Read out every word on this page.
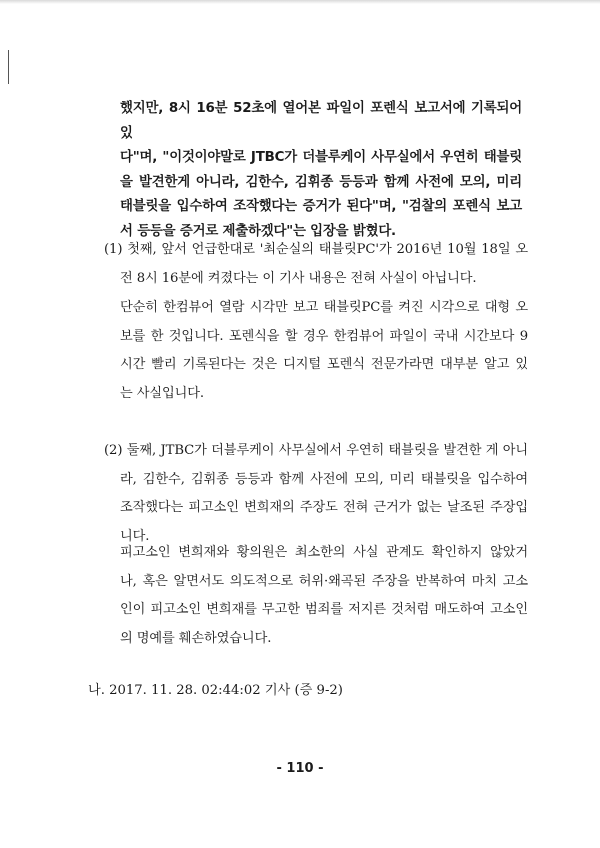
했지만, 8시 16분 52초에 열어본 파일이 포렌식 보고서에 기록되어있
다"며, "이것이야말로 JTBC가 더블루케이 사무실에서 우연히 태블릿
을 발견한게 아니라, 김한수, 김휘종 등등과 함께 사전에 모의, 미리
태블릿을 입수하여 조작했다는 증거가 된다"며, "검찰의 포렌식 보고
서 등등을 증거로 제출하겠다"는 입장을 밝혔다.
(1) 첫째, 앞서 언급한대로 '최순실의 태블릿PC'가 2016년 10월 18일 오
전 8시 16분에 켜졌다는 이 기사 내용은 전혀 사실이 아닙니다.
단순히 한컴뷰어 열람 시각만 보고 태블릿PC를 켜진 시각으로 대형 오
보를 한 것입니다. 포렌식을 할 경우 한컴뷰어 파일이 국내 시간보다 9
시간 빨리 기록된다는 것은 디지털 포렌식 전문가라면 대부분 알고 있
는 사실입니다.
(2) 둘째, JTBC가 더블루케이 사무실에서 우연히 태블릿을 발견한 게 아니
라, 김한수, 김휘종 등등과 함께 사전에 모의, 미리 태블릿을 입수하여
조작했다는 피고소인 변희재의 주장도 전혀 근거가 없는 날조된 주장입
니다.
피고소인 변희재와 황의원은 최소한의 사실 관계도 확인하지 않았거
나, 혹은 알면서도 의도적으로 허위·왜곡된 주장을 반복하여 마치 고소
인이 피고소인 변희재를 무고한 범죄를 저지른 것처럼 매도하여 고소인
의 명예를 훼손하였습니다.
나. 2017. 11. 28. 02:44:02 기사 (증 9-2)
- 110 -
